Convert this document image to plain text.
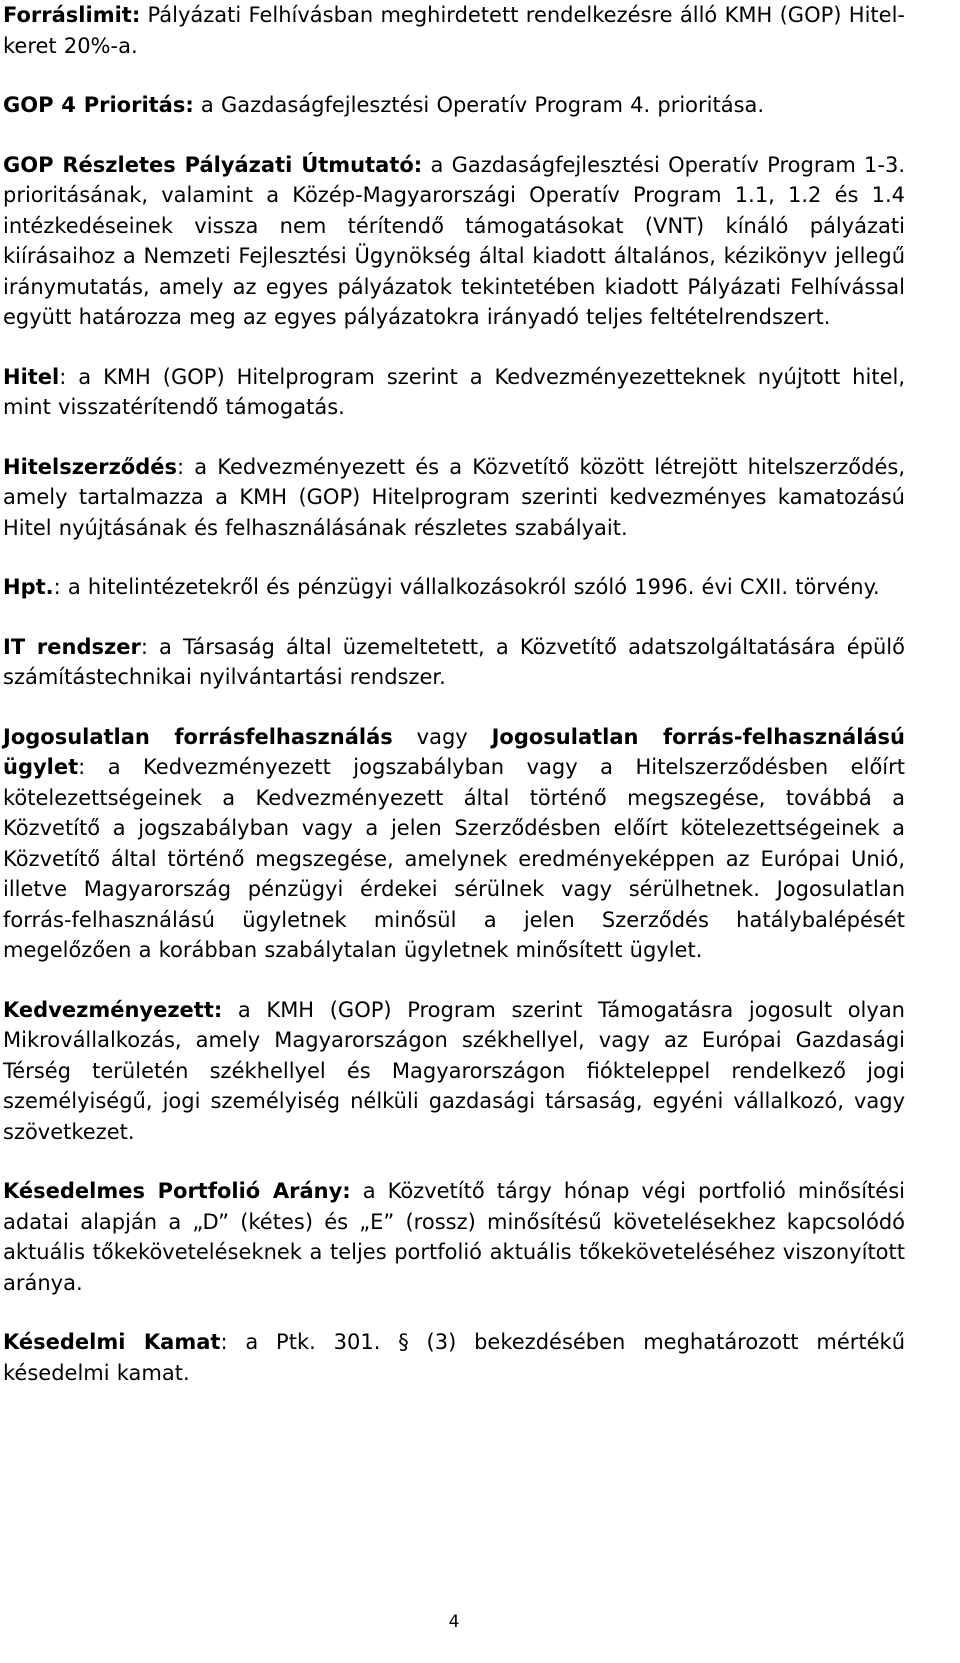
Forráslimit: Pályázati Felhívásban meghirdetett rendelkezésre álló KMH (GOP) Hitel-keret 20%-a.

GOP 4 Prioritás: a Gazdaságfejlesztési Operatív Program 4. prioritása.

GOP Részletes Pályázati Útmutató: a Gazdaságfejlesztési Operatív Program 1-3. prioritásának, valamint a Közép-Magyarországi Operatív Program 1.1, 1.2 és 1.4 intézkedéseinek vissza nem térítendő támogatásokat (VNT) kínáló pályázati kiírásaihoz a Nemzeti Fejlesztési Ügynökség által kiadott általános, kézikönyv jellegű iránymutatás, amely az egyes pályázatok tekintetében kiadott Pályázati Felhívással együtt határozza meg az egyes pályázatokra irányadó teljes feltételrendszert.

Hitel: a KMH (GOP) Hitelprogram szerint a Kedvezményezetteknek nyújtott hitel, mint visszatérítendő támogatás.

Hitelszerződés: a Kedvezményezett és a Közvetítő között létrejött hitelszerződés, amely tartalmazza a KMH (GOP) Hitelprogram szerinti kedvezményes kamatozású Hitel nyújtásának és felhasználásának részletes szabályait.

Hpt.: a hitelintézetekről és pénzügyi vállalkozásokról szóló 1996. évi CXII. törvény.

IT rendszer: a Társaság által üzemeltetett, a Közvetítő adatszolgáltatására épülő számítástechnikai nyilvántartási rendszer.

Jogosulatlan forrásfelhasználás vagy Jogosulatlan forrás-felhasználású ügylet: a Kedvezményezett jogszabályban vagy a Hitelszerződésben előírt kötelezettségeinek a Kedvezményezett által történő megszegése, továbbá a Közvetítő a jogszabályban vagy a jelen Szerződésben előírt kötelezettségeinek a Közvetítő által történő megszegése, amelynek eredményeképpen az Európai Unió, illetve Magyarország pénzügyi érdekei sérülnek vagy sérülhetnek. Jogosulatlan forrás-felhasználású ügyletnek minősül a jelen Szerződés hatálybalépését megelőzően a korábban szabálytalan ügyletnek minősített ügylet.

Kedvezményezett: a KMH (GOP) Program szerint Támogatásra jogosult olyan Mikrovállalkozás, amely Magyarországon székhellyel, vagy az Európai Gazdasági Térség területén székhellyel és Magyarországon fiókteleppel rendelkező jogi személyiségű, jogi személyiség nélküli gazdasági társaság, egyéni vállalkozó, vagy szövetkezet.

Késedelmes Portfolió Arány: a Közvetítő tárgy hónap végi portfolió minősítési adatai alapján a „D” (kétes) és „E” (rossz) minősítésű követelésekhez kapcsolódó aktuális tőkeköveteléseknek a teljes portfolió aktuális tőkekövetelés​éhez viszonyított aránya.

Késedelmi Kamat: a Ptk. 301. § (3) bekezdésében meghatározott mértékű késedelmi kamat.

4
